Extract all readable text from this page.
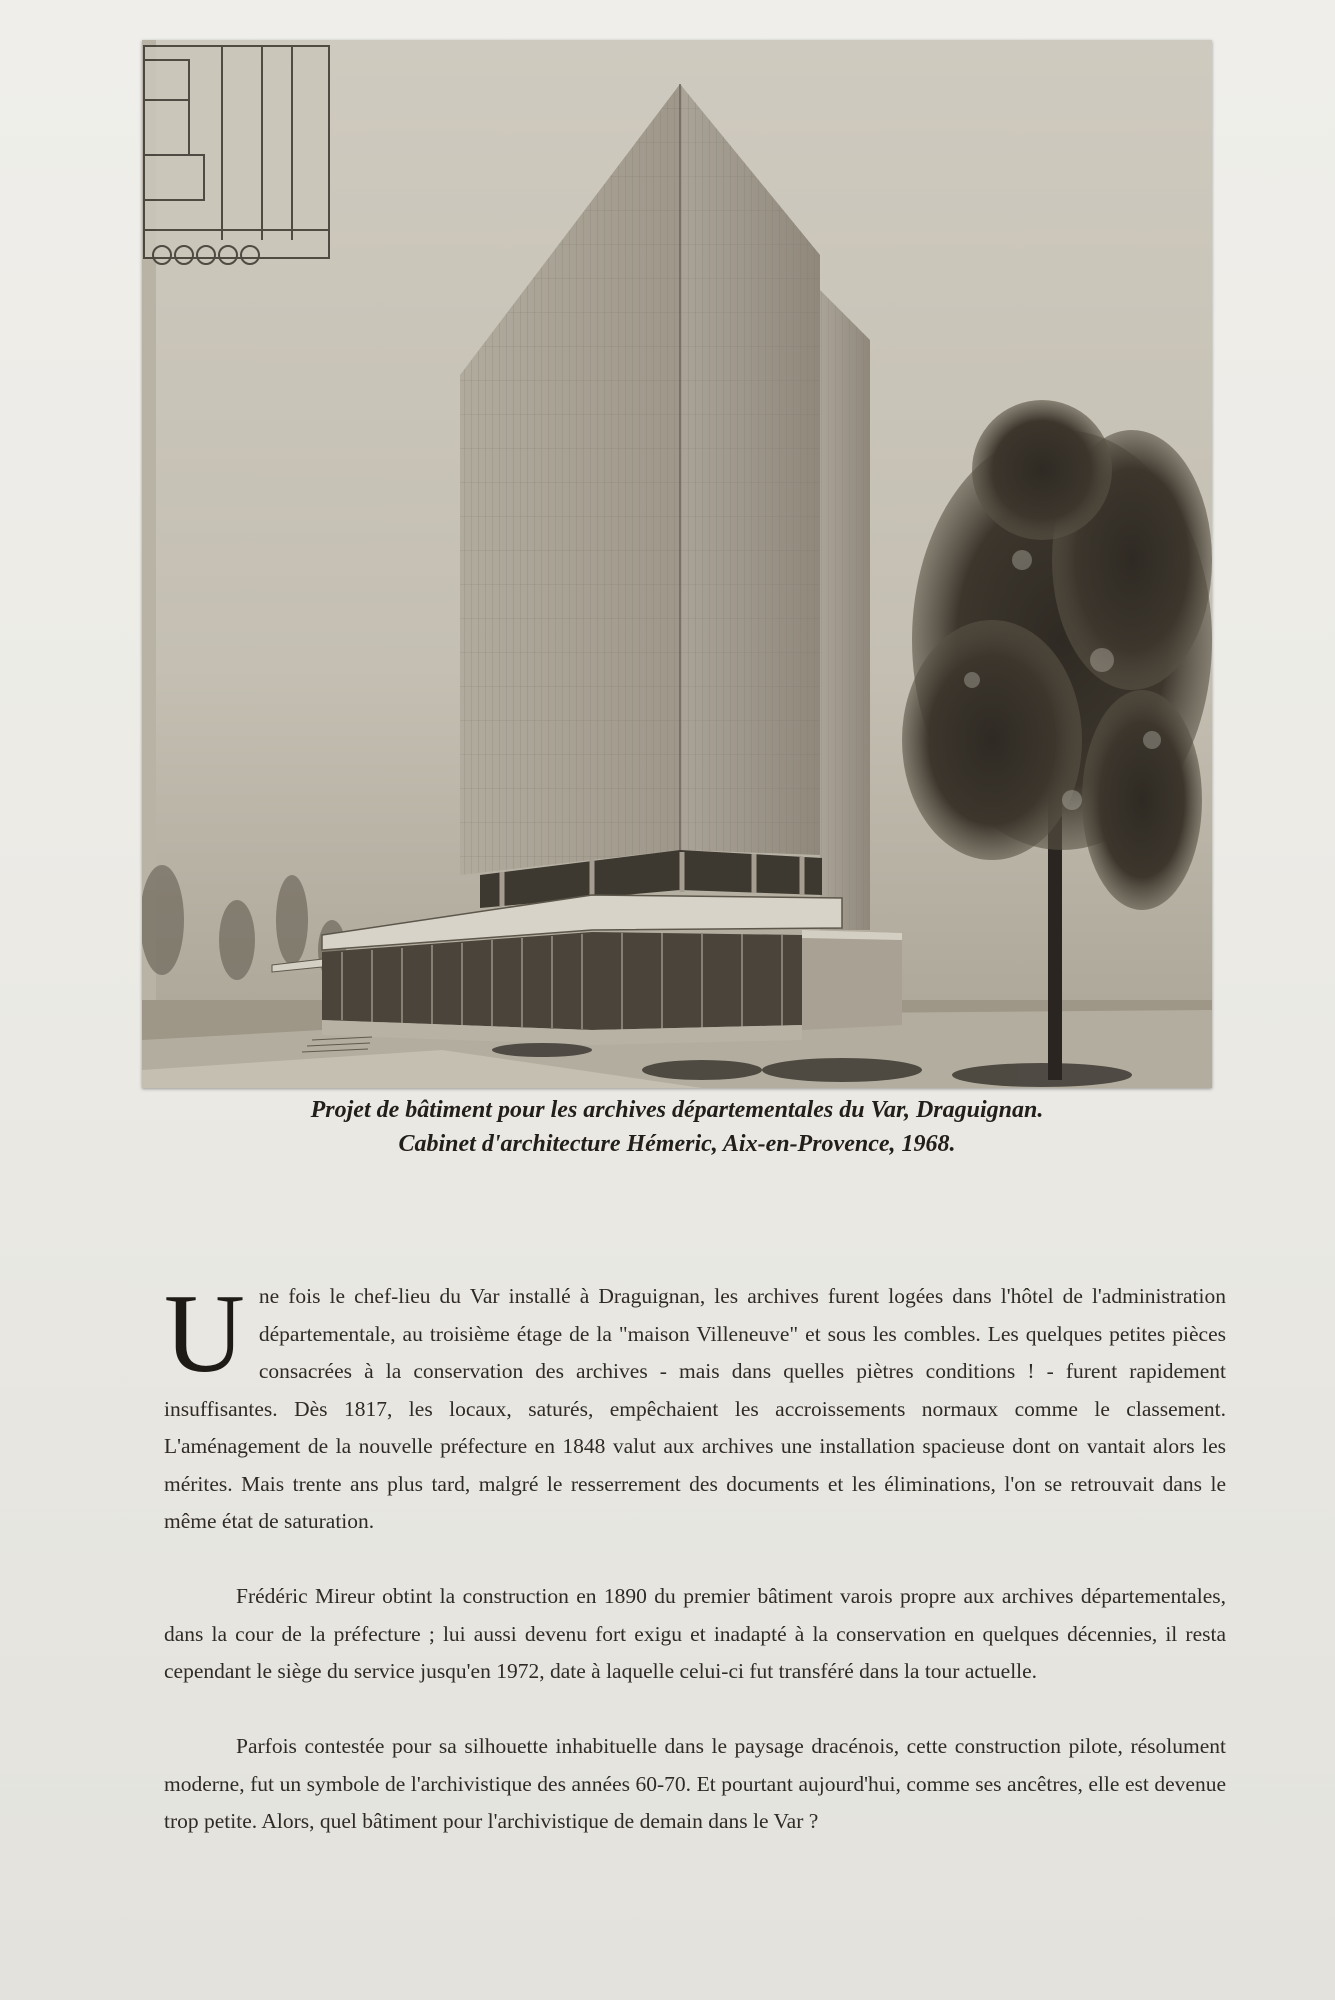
Projet de bâtiment pour les archives départementales du Var, Draguignan.
Cabinet d'architecture Hémeric, Aix-en-Provence, 1968.

Une fois le chef-lieu du Var installé à Draguignan, les archives furent logées dans l'hôtel de l'administration départementale, au troisième étage de la "maison Villeneuve" et sous les combles. Les quelques petites pièces consacrées à la conservation des archives - mais dans quelles piètres conditions ! - furent rapidement insuffisantes. Dès 1817, les locaux, saturés, empêchaient les accroissements normaux comme le classement. L'aménagement de la nouvelle préfecture en 1848 valut aux archives une installation spacieuse dont on vantait alors les mérites. Mais trente ans plus tard, malgré le resserrement des documents et les éliminations, l'on se retrouvait dans le même état de saturation.

Frédéric Mireur obtint la construction en 1890 du premier bâtiment varois propre aux archives départementales, dans la cour de la préfecture ; lui aussi devenu fort exigu et inadapté à la conservation en quelques décennies, il resta cependant le siège du service jusqu'en 1972, date à laquelle celui-ci fut transféré dans la tour actuelle.

Parfois contestée pour sa silhouette inhabituelle dans le paysage dracénois, cette construction pilote, résolument moderne, fut un symbole de l'archivistique des années 60-70. Et pourtant aujourd'hui, comme ses ancêtres, elle est devenue trop petite. Alors, quel bâtiment pour l'archivistique de demain dans le Var ?
